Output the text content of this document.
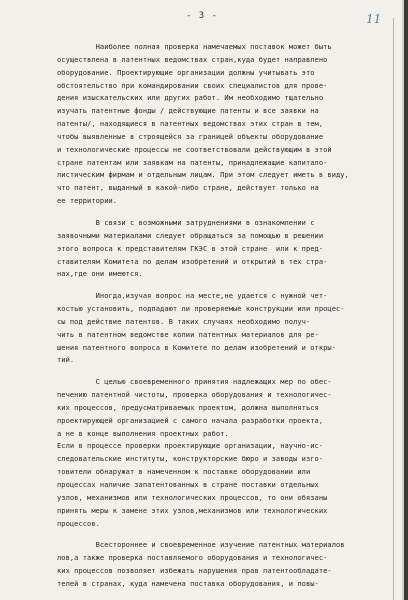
- 3 -	11
Наиболее полная проверка намечаемых поставок может быть
осуществлена в патентных ведомствах стран,куда будет направлено
оборудование. Проектирующие организации должны учитывать это
обстоятельство при командировании своих специалистов для прове-
дения изыскательских или других работ. Им необходимо тщательно
изучать патентные фонды / действующие патенты и все заявки на
патенты/, находящиеся в патентных ведомствах этих стран в тем,
чтобы выявленные в строящейся за границей объекты оборудование
и технологические процессы не соответствовали действующим в этой
стране патентам или заявкам на патенты, принадлежащие капитало-
листическим фирмам и отдельным лицам. При этом следует иметь в виду,
что патент, выданный в какой-либо стране, действует только на
ее территории.
В связи с возможными затруднениями в ознакомлении с
заявочными материалами следует обращаться за помощью в решении
этого вопроса к представителям ГКЭС в этой стране  или к пред-
ставителям Комитета по делам изобретений и открытий в тех стра-
нах,где они имеются.
Иногда,изучая вопрос на месте,не удается с нужной чет-
костью установить, подпадают ли проверяемые конструкции или процес-
сы под действие патентов. В таких случаях необходимо получ-
чить в патентном ведомстве копии патентных материалов для ре-
шения патентного вопроса в Комитете по делам изобретений и откры-
тий.
С целью своевременного принятия надлежащих мер по обес-
печению патентной чистоты, проверка оборудования и технологичес-
ких процессов, предусматриваемых проектом, должна выполняться
проектирующей организацией с самого начала разработки проекта,
а не в конце выполнения проектных работ.
Если в процессе проверки проектирующие организации, научно-ис-
следовательские институты, конструкторские бюро и заводы изго-
товители обнаружат в намеченном к поставке оборудовании или
процессах наличие запатентованных в стране поставки отдельных
узлов, механизмов или технологических процессов, то они обязаны
принять меры к замене этих узлов,механизмов или технологических
процессов.
Всестороннее и своевременное изучение патентных материалов
лов,а также проверка поставляемого оборудования и технологичес-
ких процессов позволяет избежать нарушения прав патентообладате-
телей в странах, куда намечена поставка оборудования, и повы-
